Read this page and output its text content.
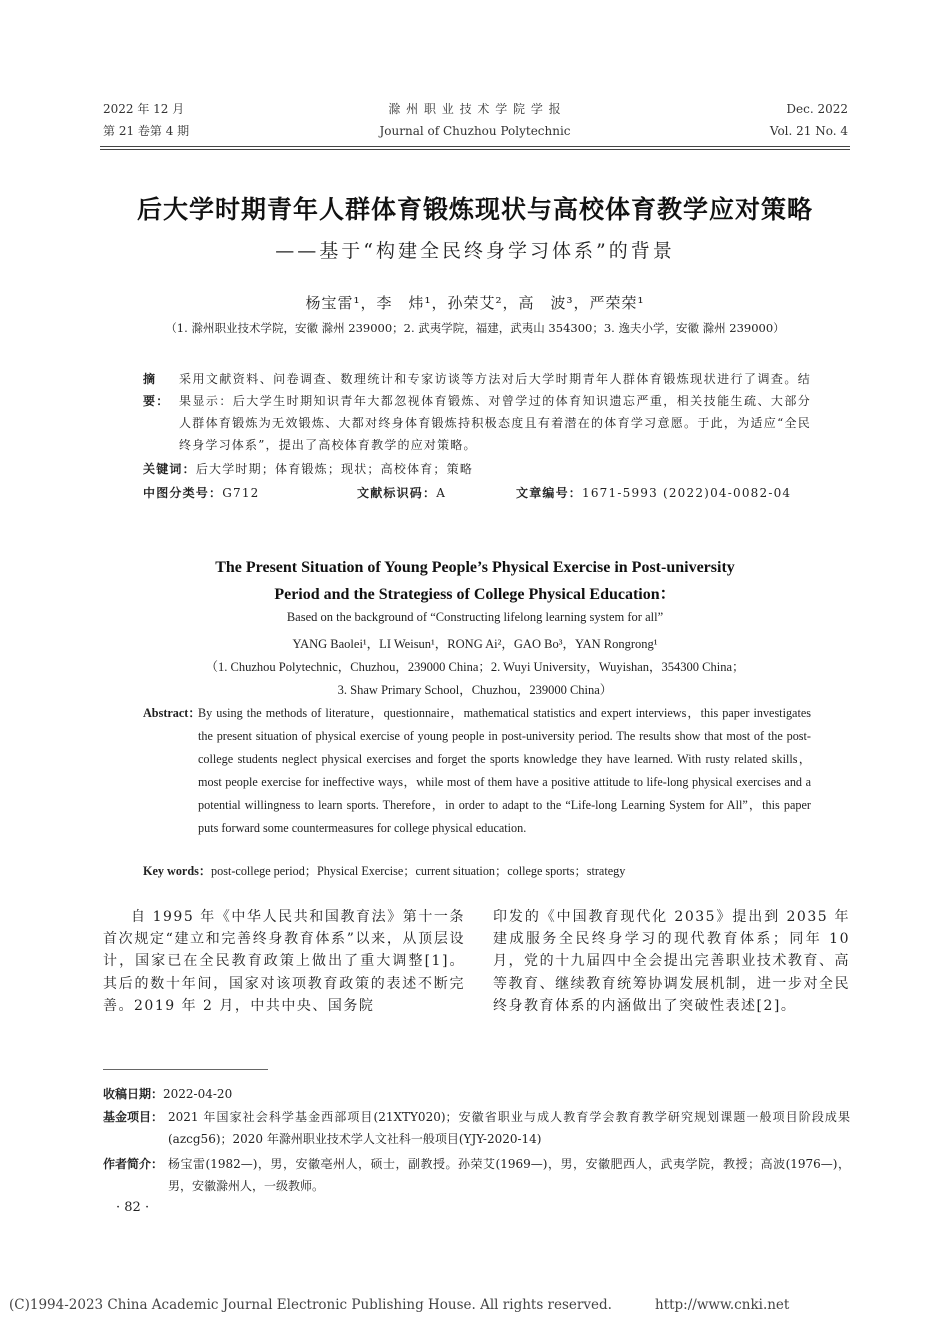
2022 年 12 月
第 21 卷第 4 期
滁 州 职 业 技 术 学 院 学 报
Journal of Chuzhou Polytechnic
Dec. 2022
Vol. 21 No. 4
后大学时期青年人群体育锻炼现状与高校体育教学应对策略
——基于“构建全民终身学习体系”的背景
杨宝雷¹，李　炜¹，孙荣艾²，高　波³，严荣荣¹
（1. 滁州职业技术学院，安徽 滁州 239000；2. 武夷学院，福建，武夷山 354300；3. 逸夫小学，安徽 滁州 239000）
摘　要：
采用文献资料、问卷调查、数理统计和专家访谈等方法对后大学时期青年人群体育锻炼现状进行了调查。结果显示：后大学生时期知识青年大都忽视体育锻炼、对曾学过的体育知识遗忘严重，相关技能生疏、大部分人群体育锻炼为无效锻炼、大都对终身体育锻炼持积极态度且有着潜在的体育学习意愿。于此，为适应“全民终身学习体系”，提出了高校体育教学的应对策略。
关键词：后大学时期；体育锻炼；现状；高校体育；策略
中图分类号：G712	文献标识码：A	文章编号：1671-5993 (2022)04-0082-04
The Present Situation of Young People’s Physical Exercise in Post-university
Period and the Strategiess of College Physical Education：
Based on the background of “Constructing lifelong learning system for all”
YANG Baolei¹，LI Weisun¹，RONG Ai²，GAO Bo³，YAN Rongrong¹
（1. Chuzhou Polytechnic，Chuzhou，239000 China；2. Wuyi University，Wuyishan，354300 China；
3. Shaw Primary School，Chuzhou，239000 China）
Abstract：
By using the methods of literature，questionnaire，mathematical statistics and expert interviews，this paper investigates the present situation of physical exercise of young people in post-university period. The results show that most of the post-college students neglect physical exercises and forget the sports knowledge they have learned. With rusty related skills，most people exercise for ineffective ways，while most of them have a positive attitude to life-long physical exercises and a potential willingness to learn sports. Therefore，in order to adapt to the “Life-long Learning System for All”，this paper puts forward some countermeasures for college physical education.
Key words：post-college period；Physical Exercise；current situation；college sports；strategy
自 1995 年《中华人民共和国教育法》第十一条首次规定“建立和完善终身教育体系”以来，从顶层设计，国家已在全民教育政策上做出了重大调整[1]。其后的数十年间，国家对该项教育政策的表述不断完善。2019 年 2 月，中共中央、国务院
印发的《中国教育现代化 2035》提出到 2035 年建成服务全民终身学习的现代教育体系；同年 10 月，党的十九届四中全会提出完善职业技术教育、高等教育、继续教育统筹协调发展机制，进一步对全民终身教育体系的内涵做出了突破性表述[2]。
收稿日期：2022-04-20
基金项目： 2021 年国家社会科学基金西部项目(21XTY020)；安徽省职业与成人教育学会教育教学研究规划课题一般项目阶段成果(azcg56)；2020 年滁州职业技术学人文社科一般项目(YJY-2020-14)
作者简介： 杨宝雷(1982—)，男，安徽亳州人，硕士，副教授。孙荣艾(1969—)，男，安徽肥西人，武夷学院，教授；高波(1976—)，男，安徽滁州人，一级教师。
· 82 ·
(C)1994-2023 China Academic Journal Electronic Publishing House. All rights reserved.	http://www.cnki.net
